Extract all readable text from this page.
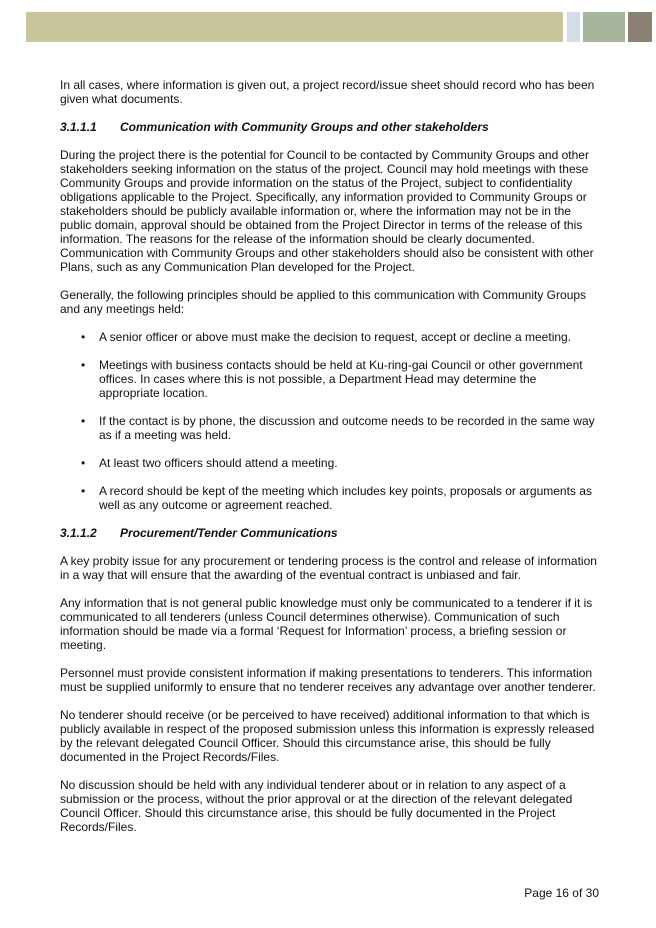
In all cases, where information is given out, a project record/issue sheet should record who has been given what documents.

3.1.1.1	Communication with Community Groups and other stakeholders

During the project there is the potential for Council to be contacted by Community Groups and other stakeholders seeking information on the status of the project. Council may hold meetings with these Community Groups and provide information on the status of the Project, subject to confidentiality obligations applicable to the Project. Specifically, any information provided to Community Groups or stakeholders should be publicly available information or, where the information may not be in the public domain, approval should be obtained from the Project Director in terms of the release of this information. The reasons for the release of the information should be clearly documented. Communication with Community Groups and other stakeholders should also be consistent with other Plans, such as any Communication Plan developed for the Project.

Generally, the following principles should be applied to this communication with Community Groups and any meetings held:

•	A senior officer or above must make the decision to request, accept or decline a meeting.
•	Meetings with business contacts should be held at Ku-ring-gai Council or other government offices. In cases where this is not possible, a Department Head may determine the appropriate location.
•	If the contact is by phone, the discussion and outcome needs to be recorded in the same way as if a meeting was held.
•	At least two officers should attend a meeting.
•	A record should be kept of the meeting which includes key points, proposals or arguments as well as any outcome or agreement reached.
3.1.1.2	Procurement/Tender Communications

A key probity issue for any procurement or tendering process is the control and release of information in a way that will ensure that the awarding of the eventual contract is unbiased and fair.

Any information that is not general public knowledge must only be communicated to a tenderer if it is communicated to all tenderers (unless Council determines otherwise). Communication of such information should be made via a formal ‘Request for Information’ process, a briefing session or meeting.

Personnel must provide consistent information if making presentations to tenderers. This information must be supplied uniformly to ensure that no tenderer receives any advantage over another tenderer.

No tenderer should receive (or be perceived to have received) additional information to that which is publicly available in respect of the proposed submission unless this information is expressly released by the relevant delegated Council Officer. Should this circumstance arise, this should be fully documented in the Project Records/Files.

No discussion should be held with any individual tenderer about or in relation to any aspect of a submission or the process, without the prior approval or at the direction of the relevant delegated Council Officer. Should this circumstance arise, this should be fully documented in the Project Records/Files.

Page 16 of 30
